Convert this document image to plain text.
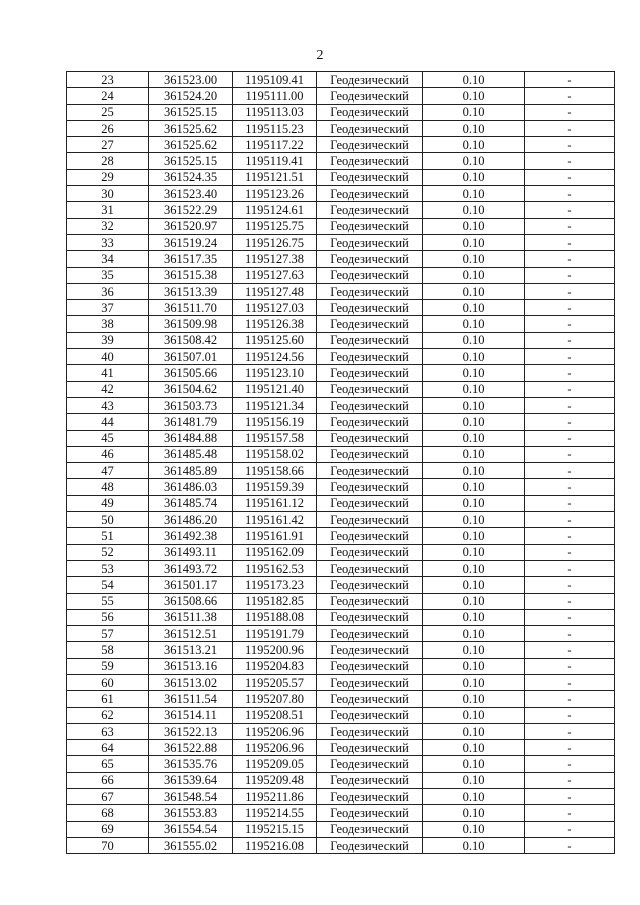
2
23	361523.00	1195109.41	Геодезический	0.10	-
24	361524.20	1195111.00	Геодезический	0.10	-
25	361525.15	1195113.03	Геодезический	0.10	-
26	361525.62	1195115.23	Геодезический	0.10	-
27	361525.62	1195117.22	Геодезический	0.10	-
28	361525.15	1195119.41	Геодезический	0.10	-
29	361524.35	1195121.51	Геодезический	0.10	-
30	361523.40	1195123.26	Геодезический	0.10	-
31	361522.29	1195124.61	Геодезический	0.10	-
32	361520.97	1195125.75	Геодезический	0.10	-
33	361519.24	1195126.75	Геодезический	0.10	-
34	361517.35	1195127.38	Геодезический	0.10	-
35	361515.38	1195127.63	Геодезический	0.10	-
36	361513.39	1195127.48	Геодезический	0.10	-
37	361511.70	1195127.03	Геодезический	0.10	-
38	361509.98	1195126.38	Геодезический	0.10	-
39	361508.42	1195125.60	Геодезический	0.10	-
40	361507.01	1195124.56	Геодезический	0.10	-
41	361505.66	1195123.10	Геодезический	0.10	-
42	361504.62	1195121.40	Геодезический	0.10	-
43	361503.73	1195121.34	Геодезический	0.10	-
44	361481.79	1195156.19	Геодезический	0.10	-
45	361484.88	1195157.58	Геодезический	0.10	-
46	361485.48	1195158.02	Геодезический	0.10	-
47	361485.89	1195158.66	Геодезический	0.10	-
48	361486.03	1195159.39	Геодезический	0.10	-
49	361485.74	1195161.12	Геодезический	0.10	-
50	361486.20	1195161.42	Геодезический	0.10	-
51	361492.38	1195161.91	Геодезический	0.10	-
52	361493.11	1195162.09	Геодезический	0.10	-
53	361493.72	1195162.53	Геодезический	0.10	-
54	361501.17	1195173.23	Геодезический	0.10	-
55	361508.66	1195182.85	Геодезический	0.10	-
56	361511.38	1195188.08	Геодезический	0.10	-
57	361512.51	1195191.79	Геодезический	0.10	-
58	361513.21	1195200.96	Геодезический	0.10	-
59	361513.16	1195204.83	Геодезический	0.10	-
60	361513.02	1195205.57	Геодезический	0.10	-
61	361511.54	1195207.80	Геодезический	0.10	-
62	361514.11	1195208.51	Геодезический	0.10	-
63	361522.13	1195206.96	Геодезический	0.10	-
64	361522.88	1195206.96	Геодезический	0.10	-
65	361535.76	1195209.05	Геодезический	0.10	-
66	361539.64	1195209.48	Геодезический	0.10	-
67	361548.54	1195211.86	Геодезический	0.10	-
68	361553.83	1195214.55	Геодезический	0.10	-
69	361554.54	1195215.15	Геодезический	0.10	-
70	361555.02	1195216.08	Геодезический	0.10	-
